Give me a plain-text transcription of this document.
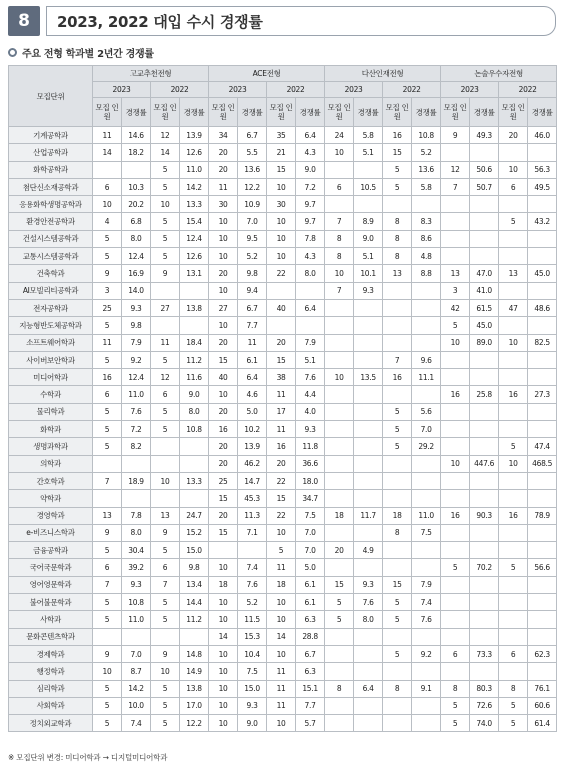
8	2023, 2022 대입 수시 경쟁률
주요 전형 학과별 2년간 경쟁률
모집단위	고교추천전형				ACE전형				다산인재전형				논술우수자전형			
	2023		2022		2023		2022		2023		2022		2023		2022	
	모집 인원	경쟁률	모집 인원	경쟁률	모집 인원	경쟁률	모집 인원	경쟁률	모집 인원	경쟁률	모집 인원	경쟁률	모집 인원	경쟁률	모집 인원	경쟁률
기계공학과	11	14.6	12	13.9	34	6.7	35	6.4	24	5.8	16	10.8	9	49.3	20	46.0
산업공학과	14	18.2	14	12.6	20	5.5	21	4.3	10	5.1	15	5.2				
화학공학과			5	11.0	20	13.6	15	9.0			5	13.6	12	50.6	10	56.3
첨단신소재공학과	6	10.3	5	14.2	11	12.2	10	7.2	6	10.5	5	5.8	7	50.7	6	49.5
응용화학생명공학과	10	20.2	10	13.3	30	10.9	30	9.7								
환경안전공학과	4	6.8	5	15.4	10	7.0	10	9.7	7	8.9	8	8.3			5	43.2
건설시스템공학과	5	8.0	5	12.4	10	9.5	10	7.8	8	9.0	8	8.6				
교통시스템공학과	5	12.4	5	12.6	10	5.2	10	4.3	8	5.1	8	4.8				
건축학과	9	16.9	9	13.1	20	9.8	22	8.0	10	10.1	13	8.8	13	47.0	13	45.0
AI모빌리티공학과	3	14.0			10	9.4			7	9.3			3	41.0		
전자공학과	25	9.3	27	13.8	27	6.7	40	6.4					42	61.5	47	48.6
지능형반도체공학과	5	9.8			10	7.7							5	45.0		
소프트웨어학과	11	7.9	11	18.4	20	11	20	7.9					10	89.0	10	82.5
사이버보안학과	5	9.2	5	11.2	15	6.1	15	5.1			7	9.6				
미디어학과	16	12.4	12	11.6	40	6.4	38	7.6	10	13.5	16	11.1				
수학과	6	11.0	6	9.0	10	4.6	11	4.4					16	25.8	16	27.3
물리학과	5	7.6	5	8.0	20	5.0	17	4.0			5	5.6				
화학과	5	7.2	5	10.8	16	10.2	11	9.3			5	7.0				
생명과학과	5	8.2			20	13.9	16	11.8			5	29.2			5	47.4
의학과					20	46.2	20	36.6					10	447.6	10	468.5
간호학과	7	18.9	10	13.3	25	14.7	22	18.0								
약학과					15	45.3	15	34.7								
경영학과	13	7.8	13	24.7	20	11.3	22	7.5	18	11.7	18	11.0	16	90.3	16	78.9
e-비즈니스학과	9	8.0	9	15.2	15	7.1	10	7.0			8	7.5				
금융공학과	5	30.4	5	15.0			5	7.0	20	4.9						
국어국문학과	6	39.2	6	9.8	10	7.4	11	5.0					5	70.2	5	56.6
영어영문학과	7	9.3	7	13.4	18	7.6	18	6.1	15	9.3	15	7.9				
불어불문학과	5	10.8	5	14.4	10	5.2	10	6.1	5	7.6	5	7.4				
사학과	5	11.0	5	11.2	10	11.5	10	6.3	5	8.0	5	7.6				
문화콘텐츠학과					14	15.3	14	28.8								
경제학과	9	7.0	9	14.8	10	10.4	10	6.7			5	9.2	6	73.3	6	62.3
행정학과	10	8.7	10	14.9	10	7.5	11	6.3								
심리학과	5	14.2	5	13.8	10	15.0	11	15.1	8	6.4	8	9.1	8	80.3	8	76.1
사회학과	5	10.0	5	17.0	10	9.3	11	7.7					5	72.6	5	60.6
정치외교학과	5	7.4	5	12.2	10	9.0	10	5.7					5	74.0	5	61.4
※ 모집단위 변경: 미디어학과 → 디지털미디어학과
